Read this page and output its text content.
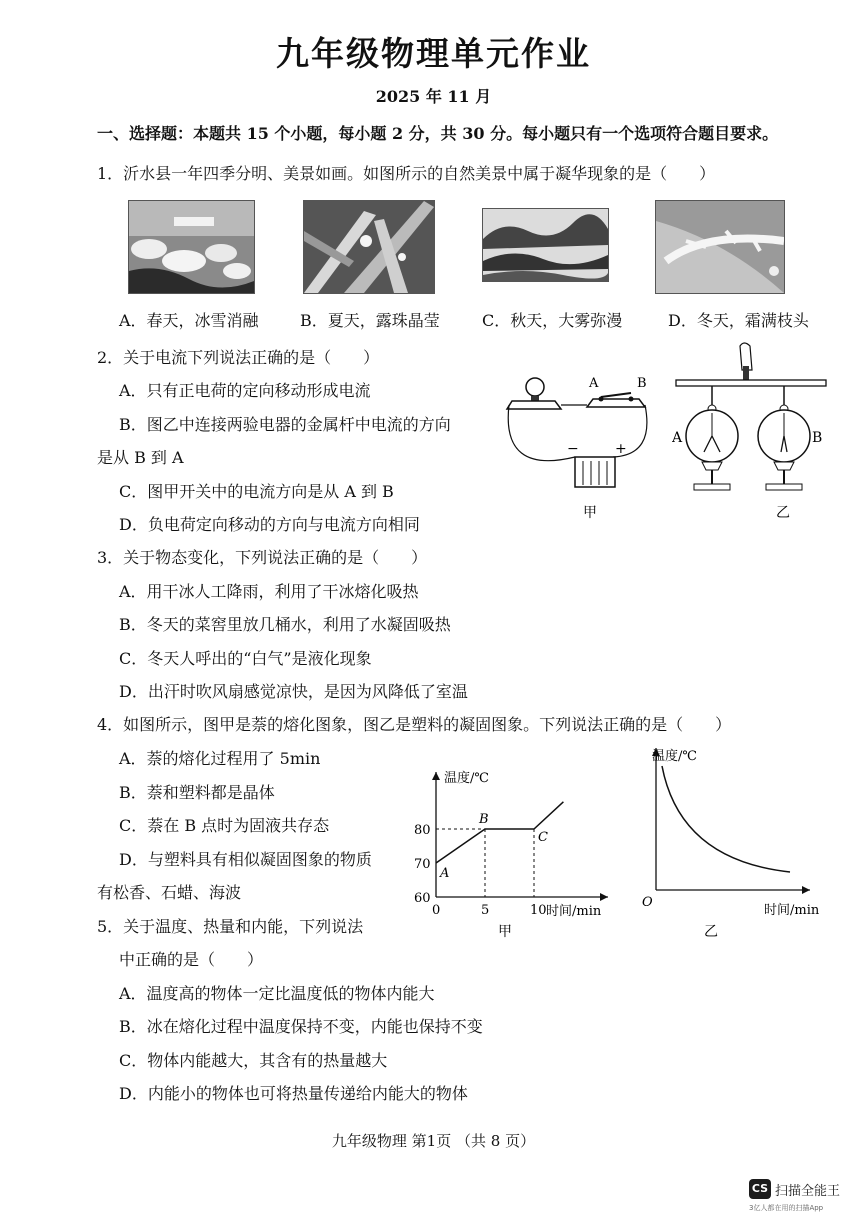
九年级物理单元作业
2025 年 11 月
一、选择题：本题共 15 个小题，每小题 2 分，共 30 分。每小题只有一个选项符合题目要求。
1．沂水县一年四季分明、美景如画。如图所示的自然美景中属于凝华现象的是（　　）
A．春天，冰雪消融	B．夏天，露珠晶莹	C．秋天，大雾弥漫	D．冬天，霜满枝头
2．关于电流下列说法正确的是（　　）
A．只有正电荷的定向移动形成电流
B．图乙中连接两验电器的金属杆中电流的方向
是从 B 到 A
C．图甲开关中的电流方向是从 A 到 B
D．负电荷定向移动的方向与电流方向相同
A	B
−	+
甲
A	B
乙
3．关于物态变化，下列说法正确的是（　　）
A．用干冰人工降雨，利用了干冰熔化吸热
B．冬天的菜窖里放几桶水，利用了水凝固吸热
C．冬天人呼出的“白气”是液化现象
D．出汗时吹风扇感觉凉快，是因为风降低了室温
4．如图所示，图甲是萘的熔化图象，图乙是塑料的凝固图象。下列说法正确的是（　　）
A．萘的熔化过程用了 5min
B．萘和塑料都是晶体
C．萘在 B 点时为固液共存态
D．与塑料具有相似凝固图象的物质
有松香、石蜡、海波
温度/℃
时间/min
0	5	10
60
70
80
A
B
C
甲
温度/℃
时间/min
O
乙
5．关于温度、热量和内能，下列说法
中正确的是（　　）
A．温度高的物体一定比温度低的物体内能大
B．冰在熔化过程中温度保持不变，内能也保持不变
C．物体内能越大，其含有的热量越大
D．内能小的物体也可将热量传递给内能大的物体
九年级物理 第1页 （共 8 页）
CS 扫描全能王
3亿人都在用的扫描App
